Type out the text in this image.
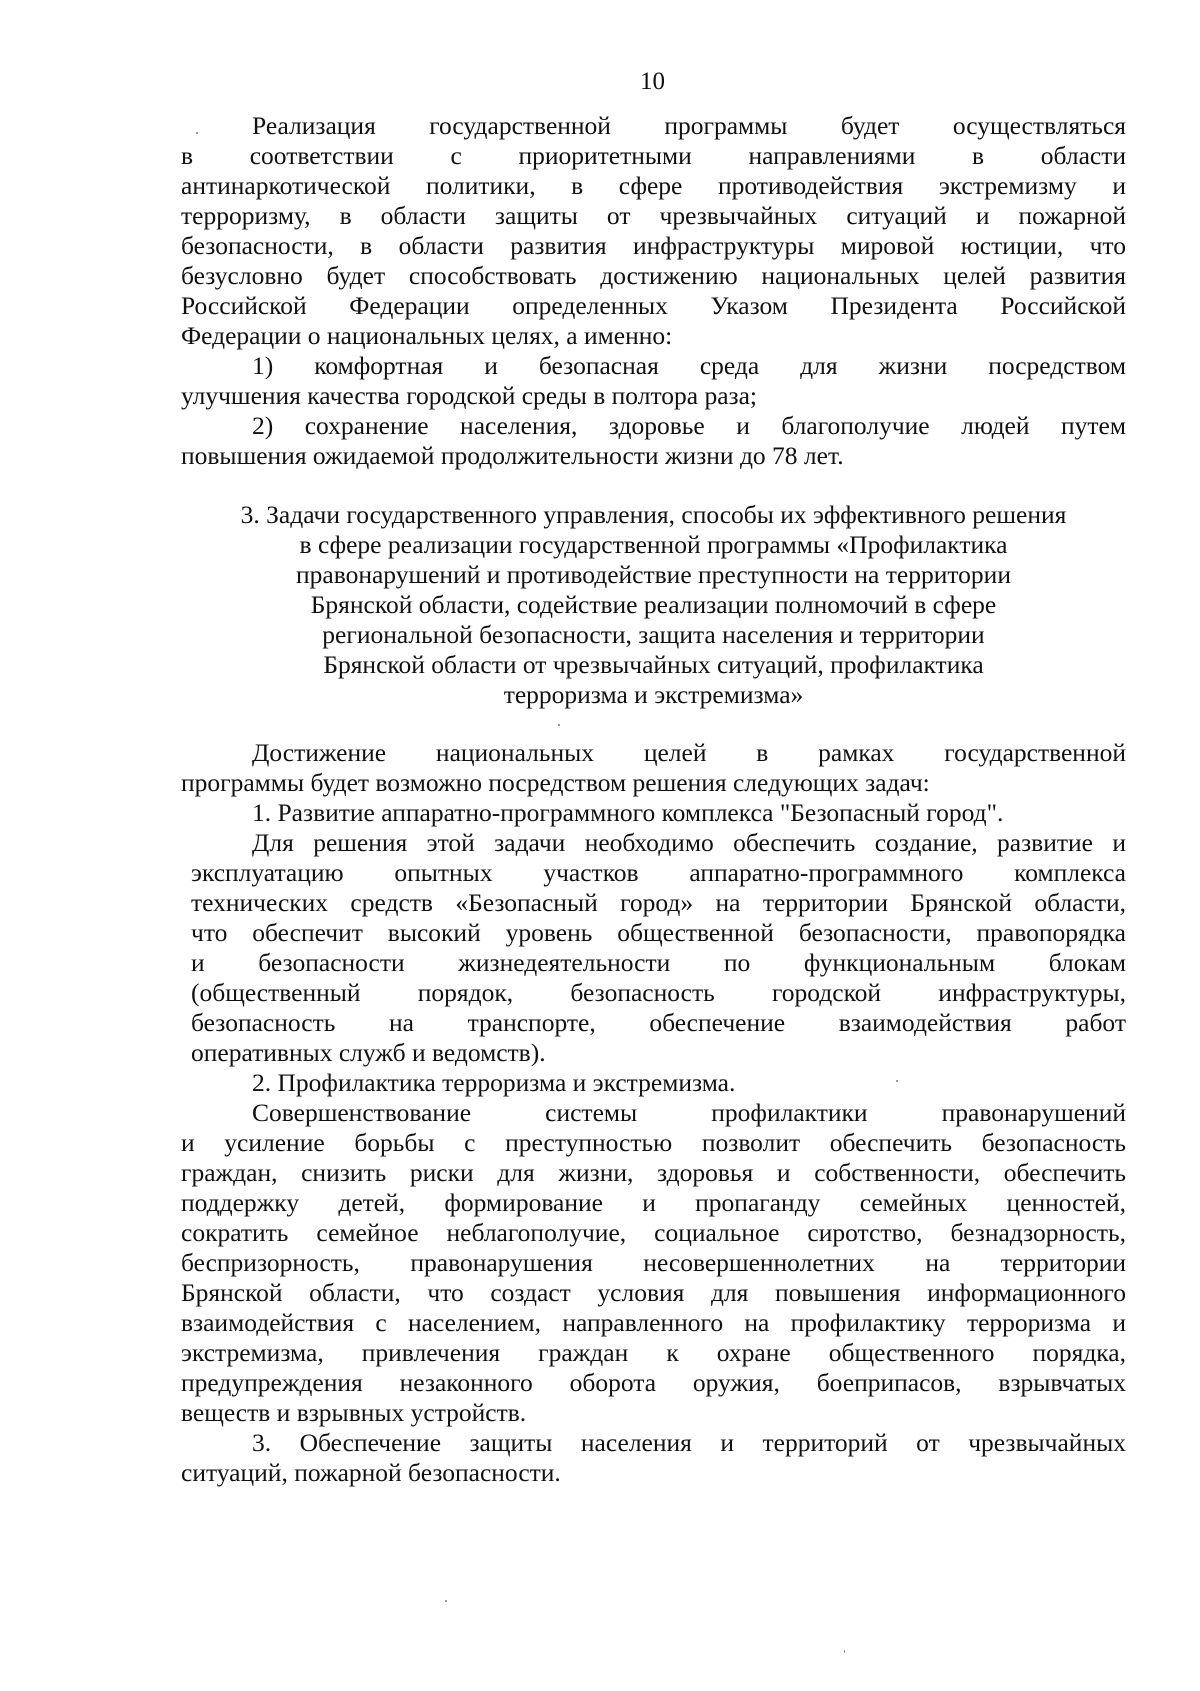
10
Реализация государственной программы будет осуществляться
в соответствии с приоритетными направлениями в области
антинаркотической политики, в сфере противодействия экстремизму и
терроризму, в области защиты от чрезвычайных ситуаций и пожарной
безопасности, в области развития инфраструктуры мировой юстиции, что
безусловно будет способствовать достижению национальных целей развития
Российской Федерации определенных Указом Президента Российской
Федерации о национальных целях, а именно:
1) комфортная и безопасная среда для жизни посредством
улучшения качества городской среды в полтора раза;
2) сохранение населения, здоровье и благополучие людей путем
повышения ожидаемой продолжительности жизни до 78 лет.
3. Задачи государственного управления, способы их эффективного решения
в сфере реализации государственной программы «Профилактика
правонарушений и противодействие преступности на территории
Брянской области, содействие реализации полномочий в сфере
региональной безопасности, защита населения и территории
Брянской области от чрезвычайных ситуаций, профилактика
терроризма и экстремизма»
Достижение национальных целей в рамках государственной
программы будет возможно посредством решения следующих задач:
1. Развитие аппаратно-программного комплекса "Безопасный город".
Для решения этой задачи необходимо обеспечить создание, развитие и
эксплуатацию опытных участков аппаратно-программного комплекса
технических средств «Безопасный город» на территории Брянской области,
что обеспечит высокий уровень общественной безопасности, правопорядка
и безопасности жизнедеятельности по функциональным блокам
(общественный порядок, безопасность городской инфраструктуры,
безопасность на транспорте, обеспечение взаимодействия работ
оперативных служб и ведомств).
2. Профилактика терроризма и экстремизма.
Совершенствование системы профилактики правонарушений
и усиление борьбы с преступностью позволит обеспечить безопасность
граждан, снизить риски для жизни, здоровья и собственности, обеспечить
поддержку детей, формирование и пропаганду семейных ценностей,
сократить семейное неблагополучие, социальное сиротство, безнадзорность,
беспризорность, правонарушения несовершеннолетних на территории
Брянской области, что создаст условия для повышения информационного
взаимодействия с населением, направленного на профилактику терроризма и
экстремизма, привлечения граждан к охране общественного порядка,
предупреждения незаконного оборота оружия, боеприпасов, взрывчатых
веществ и взрывных устройств.
3. Обеспечение защиты населения и территорий от чрезвычайных
ситуаций, пожарной безопасности.
